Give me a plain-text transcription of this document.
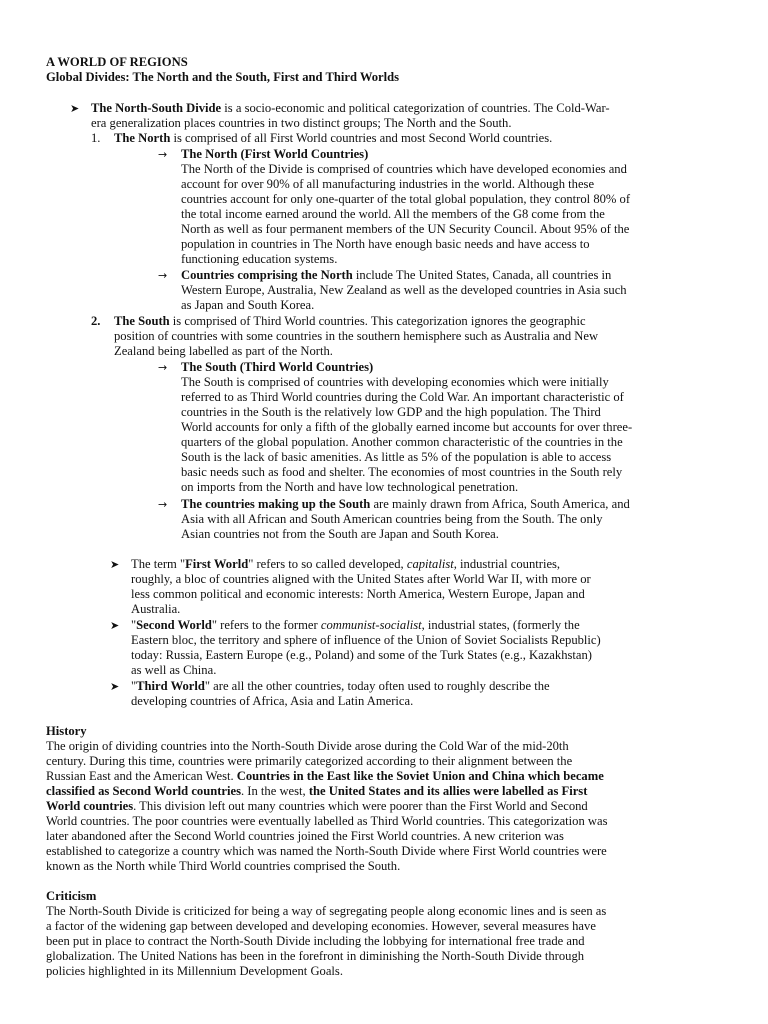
A WORLD OF REGIONS
Global Divides: The North and the South, First and Third Worlds
➤ The North-South Divide is a socio-economic and political categorization of countries. The Cold-War-
era generalization places countries in two distinct groups; The North and the South.
1. The North is comprised of all First World countries and most Second World countries.
→ The North (First World Countries)
The North of the Divide is comprised of countries which have developed economies and
account for over 90% of all manufacturing industries in the world. Although these
countries account for only one-quarter of the total global population, they control 80% of
the total income earned around the world. All the members of the G8 come from the
North as well as four permanent members of the UN Security Council. About 95% of the
population in countries in The North have enough basic needs and have access to
functioning education systems.
→ Countries comprising the North include The United States, Canada, all countries in
Western Europe, Australia, New Zealand as well as the developed countries in Asia such
as Japan and South Korea.
2. The South is comprised of Third World countries. This categorization ignores the geographic
position of countries with some countries in the southern hemisphere such as Australia and New
Zealand being labelled as part of the North.
→ The South (Third World Countries)
The South is comprised of countries with developing economies which were initially
referred to as Third World countries during the Cold War. An important characteristic of
countries in the South is the relatively low GDP and the high population. The Third
World accounts for only a fifth of the globally earned income but accounts for over three-
quarters of the global population. Another common characteristic of the countries in the
South is the lack of basic amenities. As little as 5% of the population is able to access
basic needs such as food and shelter. The economies of most countries in the South rely
on imports from the North and have low technological penetration.
→ The countries making up the South are mainly drawn from Africa, South America, and
Asia with all African and South American countries being from the South. The only
Asian countries not from the South are Japan and South Korea.
➤ The term "First World" refers to so called developed, capitalist, industrial countries,
roughly, a bloc of countries aligned with the United States after World War II, with more or
less common political and economic interests: North America, Western Europe, Japan and
Australia.
➤ "Second World" refers to the former communist-socialist, industrial states, (formerly the
Eastern bloc, the territory and sphere of influence of the Union of Soviet Socialists Republic)
today: Russia, Eastern Europe (e.g., Poland) and some of the Turk States (e.g., Kazakhstan)
as well as China.
➤ "Third World" are all the other countries, today often used to roughly describe the
developing countries of Africa, Asia and Latin America.
History
The origin of dividing countries into the North-South Divide arose during the Cold War of the mid-20th
century. During this time, countries were primarily categorized according to their alignment between the
Russian East and the American West. Countries in the East like the Soviet Union and China which became
classified as Second World countries. In the west, the United States and its allies were labelled as First
World countries. This division left out many countries which were poorer than the First World and Second
World countries. The poor countries were eventually labelled as Third World countries. This categorization was
later abandoned after the Second World countries joined the First World countries. A new criterion was
established to categorize a country which was named the North-South Divide where First World countries were
known as the North while Third World countries comprised the South.
Criticism
The North-South Divide is criticized for being a way of segregating people along economic lines and is seen as
a factor of the widening gap between developed and developing economies. However, several measures have
been put in place to contract the North-South Divide including the lobbying for international free trade and
globalization. The United Nations has been in the forefront in diminishing the North-South Divide through
policies highlighted in its Millennium Development Goals.
